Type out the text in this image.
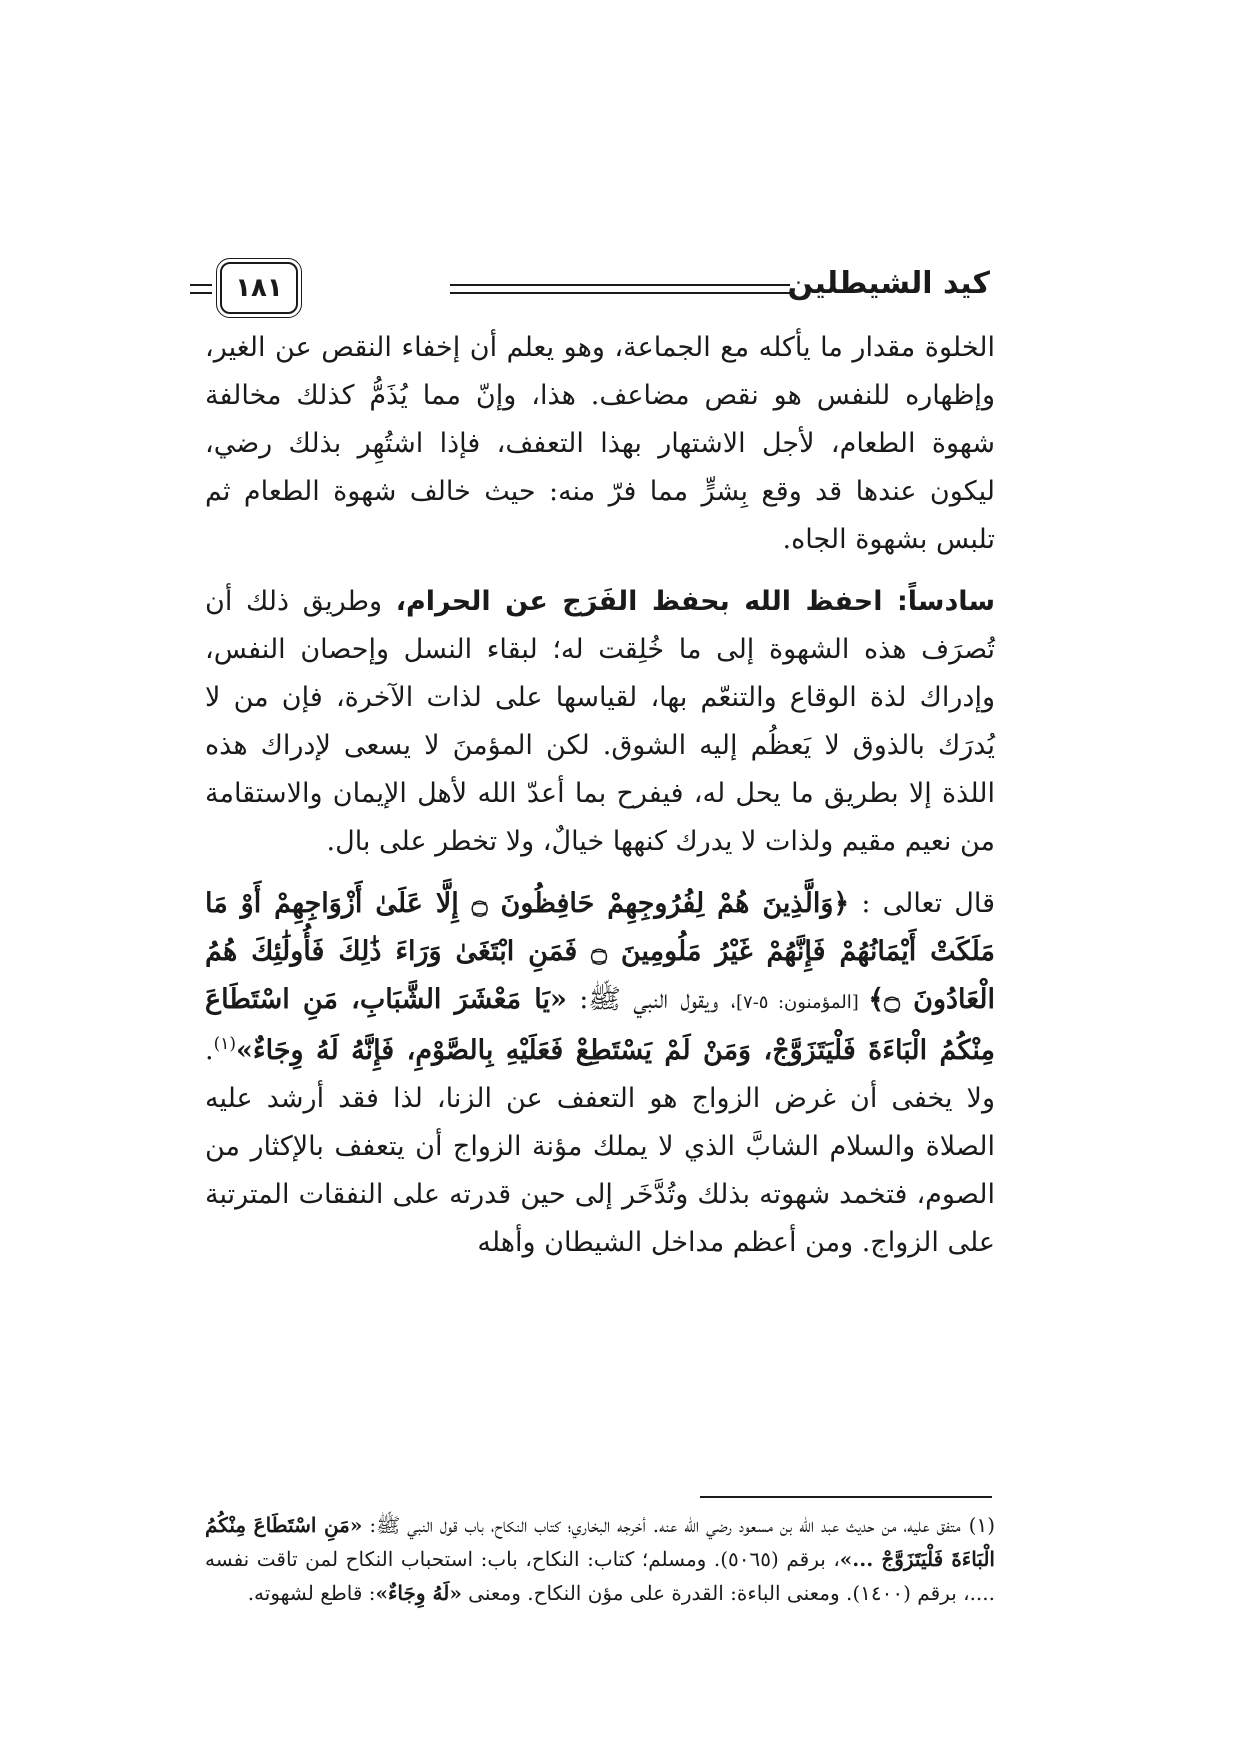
كيد الشيطلين
١٨١

الخلوة مقدار ما يأكله مع الجماعة، وهو يعلم أن إخفاء النقص عن الغير، وإظهاره للنفس هو نقص مضاعف. هذا، وإنّ مما يُذَمُّ كذلك مخالفة شهوة الطعام، لأجل الاشتهار بهذا التعفف، فإذا اشتُهِر بذلك رضي، ليكون عندها قد وقع بِشرٍّ مما فرّ منه: حيث خالف شهوة الطعام ثم تلبس بشهوة الجاه.

سادساً: احفظ الله بحفظ الفَرَج عن الحرام، وطريق ذلك أن تُصرَف هذه الشهوة إلى ما خُلِقت له؛ لبقاء النسل وإحصان النفس، وإدراك لذة الوقاع والتنعّم بها، لقياسها على لذات الآخرة، فإن من لا يُدرَك بالذوق لا يَعظُم إليه الشوق. لكن المؤمنَ لا يسعى لإدراك هذه اللذة إلا بطريق ما يحل له، فيفرح بما أعدّ الله لأهل الإيمان والاستقامة من نعيم مقيم ولذات لا يدرك كنهها خيالٌ، ولا تخطر على بال.

قال تعالى : ﴿وَالَّذِينَ هُمْ لِفُرُوجِهِمْ حَافِظُونَ ۝ إِلَّا عَلَىٰ أَزْوَاجِهِمْ أَوْ مَا مَلَكَتْ أَيْمَانُهُمْ فَإِنَّهُمْ غَيْرُ مَلُومِينَ ۝ فَمَنِ ابْتَغَىٰ وَرَاءَ ذَٰلِكَ فَأُولَٰئِكَ هُمُ الْعَادُونَ ۝﴾ [المؤمنون: ٥-٧]، ويقول النبي ﷺ: «يَا مَعْشَرَ الشَّبَابِ، مَنِ اسْتَطَاعَ مِنْكُمُ الْبَاءَةَ فَلْيَتَزَوَّجْ، وَمَنْ لَمْ يَسْتَطِعْ فَعَلَيْهِ بِالصَّوْمِ، فَإِنَّهُ لَهُ وِجَاءٌ»$^{(١)}$. ولا يخفى أن غرض الزواج هو التعفف عن الزنا، لذا فقد أرشد عليه الصلاة والسلام الشابَّ الذي لا يملك مؤنة الزواج أن يتعفف بالإكثار من الصوم، فتخمد شهوته بذلك وتُدَّخَر إلى حين قدرته على النفقات المترتبة على الزواج. ومن أعظم مداخل الشيطان وأهله

(١)متفق عليه، من حديث عبد الله بن مسعود رضي الله عنه. أخرجه البخاري؛ كتاب النكاح، باب قول النبي ﷺ: «مَنِ اسْتَطَاعَ مِنْكُمُ الْبَاءَةَ فَلْيَتَزَوَّجْ ...»، برقم (٥٠٦٥). ومسلم؛ كتاب: النكاح، باب: استحباب النكاح لمن تاقت نفسه ....، برقم (١٤٠٠). ومعنى الباءة: القدرة على مؤن النكاح. ومعنى «لَهُ وِجَاءٌ»: قاطع لشهوته.
